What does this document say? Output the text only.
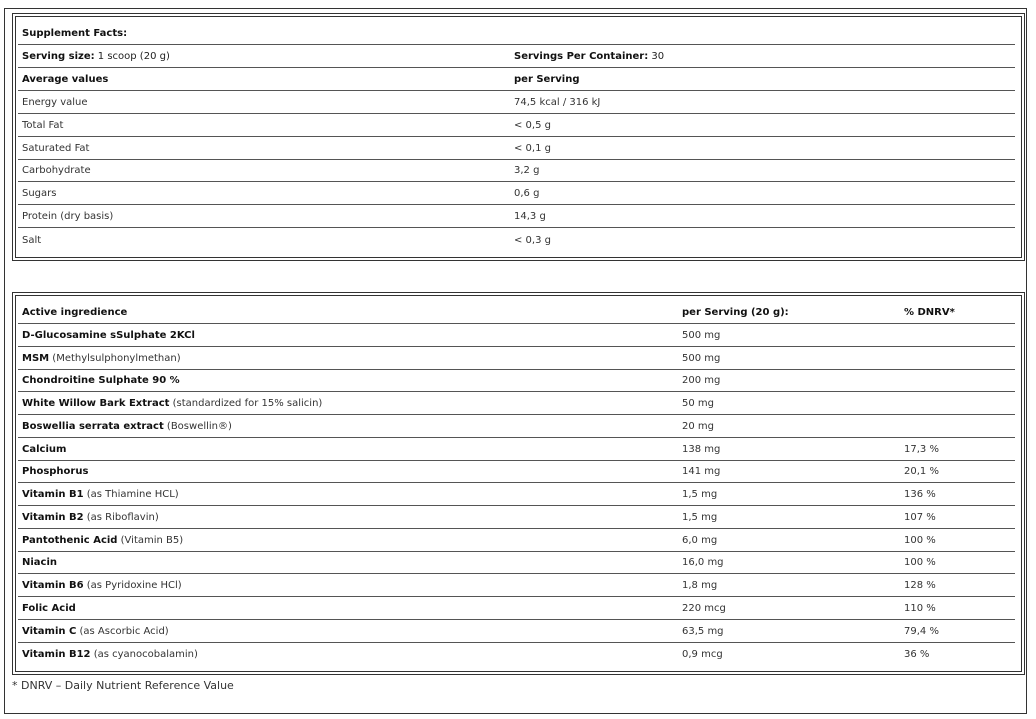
Supplement Facts:
Serving size: 1 scoop (20 g)	Servings Per Container: 30
Average values	per Serving
Energy value	74,5 kcal / 316 kJ
Total Fat	< 0,5 g
Saturated Fat	< 0,1 g
Carbohydrate	3,2 g
Sugars	0,6 g
Protein (dry basis)	14,3 g
Salt	< 0,3 g
Active ingredience	per Serving (20 g):	% DNRV*
D-Glucosamine sSulphate 2KCl	500 mg
MSM (Methylsulphonylmethan)	500 mg
Chondroitine Sulphate 90 %	200 mg
White Willow Bark Extract (standardized for 15% salicin)	50 mg
Boswellia serrata extract (Boswellin®)	20 mg
Calcium	138 mg	17,3 %
Phosphorus	141 mg	20,1 %
Vitamin B1 (as Thiamine HCL)	1,5 mg	136 %
Vitamin B2 (as Riboflavin)	1,5 mg	107 %
Pantothenic Acid (Vitamin B5)	6,0 mg	100 %
Niacin	16,0 mg	100 %
Vitamin B6 (as Pyridoxine HCl)	1,8 mg	128 %
Folic Acid	220 mcg	110 %
Vitamin C (as Ascorbic Acid)	63,5 mg	79,4 %
Vitamin B12 (as cyanocobalamin)	0,9 mcg	36 %
* DNRV – Daily Nutrient Reference Value
